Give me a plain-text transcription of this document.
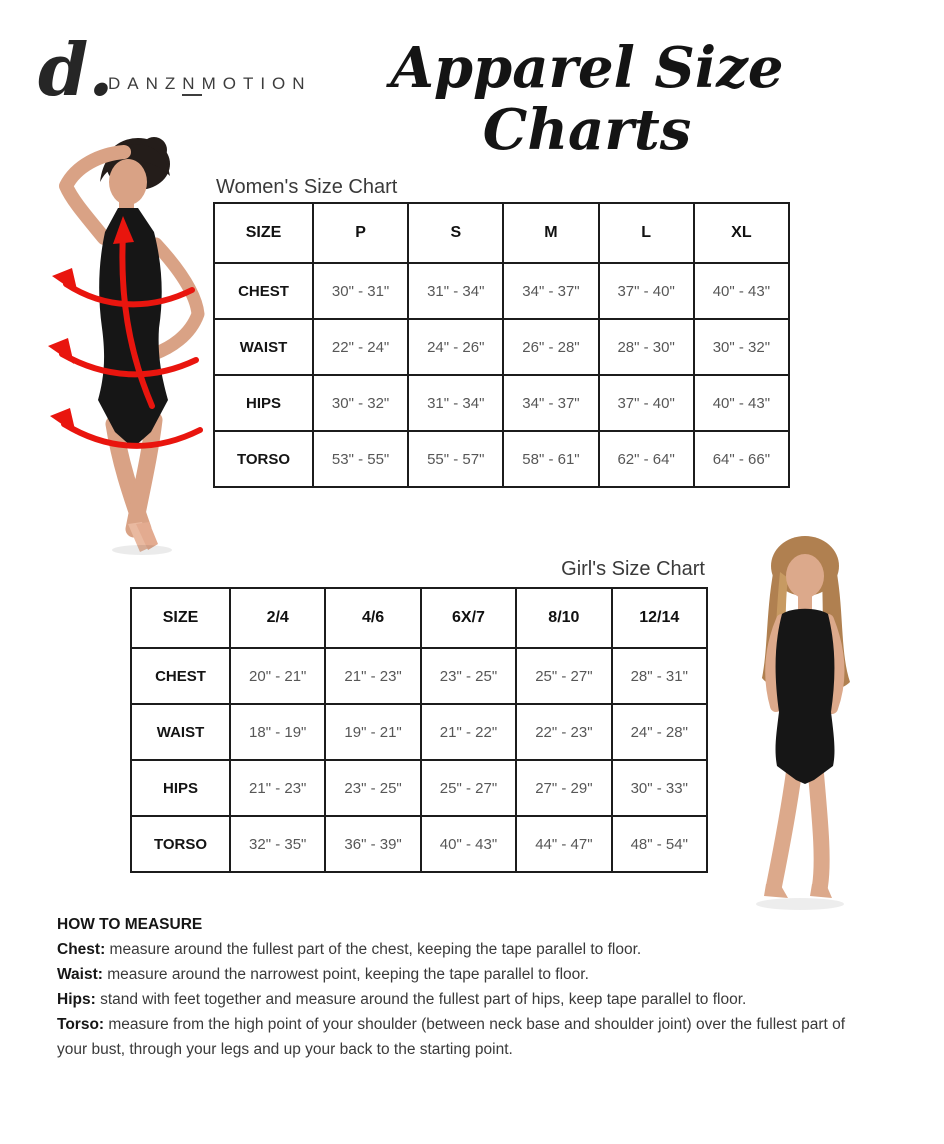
d.
DANZNMOTION	Apparel Size Charts
Women's Size Chart
SIZE	P	S	M	L	XL
CHEST	30" - 31"	31" - 34"	34" - 37"	37" - 40"	40" - 43"
WAIST	22" - 24"	24" - 26"	26" - 28"	28" - 30"	30" - 32"
HIPS	30" - 32"	31" - 34"	34" - 37"	37" - 40"	40" - 43"
TORSO	53" - 55"	55" - 57"	58" - 61"	62" - 64"	64" - 66"
Girl's Size Chart
SIZE	2/4	4/6	6X/7	8/10	12/14
CHEST	20" - 21"	21" - 23"	23" - 25"	25" - 27"	28" - 31"
WAIST	18" - 19"	19" - 21"	21" - 22"	22" - 23"	24" - 28"
HIPS	21" - 23"	23" - 25"	25" - 27"	27" - 29"	30" - 33"
TORSO	32" - 35"	36" - 39"	40" - 43"	44" - 47"	48" - 54"
HOW TO MEASURE

Chest: measure around the fullest part of the chest, keeping the tape parallel to floor.

Waist: measure around the narrowest point, keeping the tape parallel to floor.

Hips: stand with feet together and measure around the fullest part of hips, keep tape parallel to floor.

Torso: measure from the high point of your shoulder (between neck base and shoulder joint) over the fullest part of your bust, through your legs and up your back to the starting point.
